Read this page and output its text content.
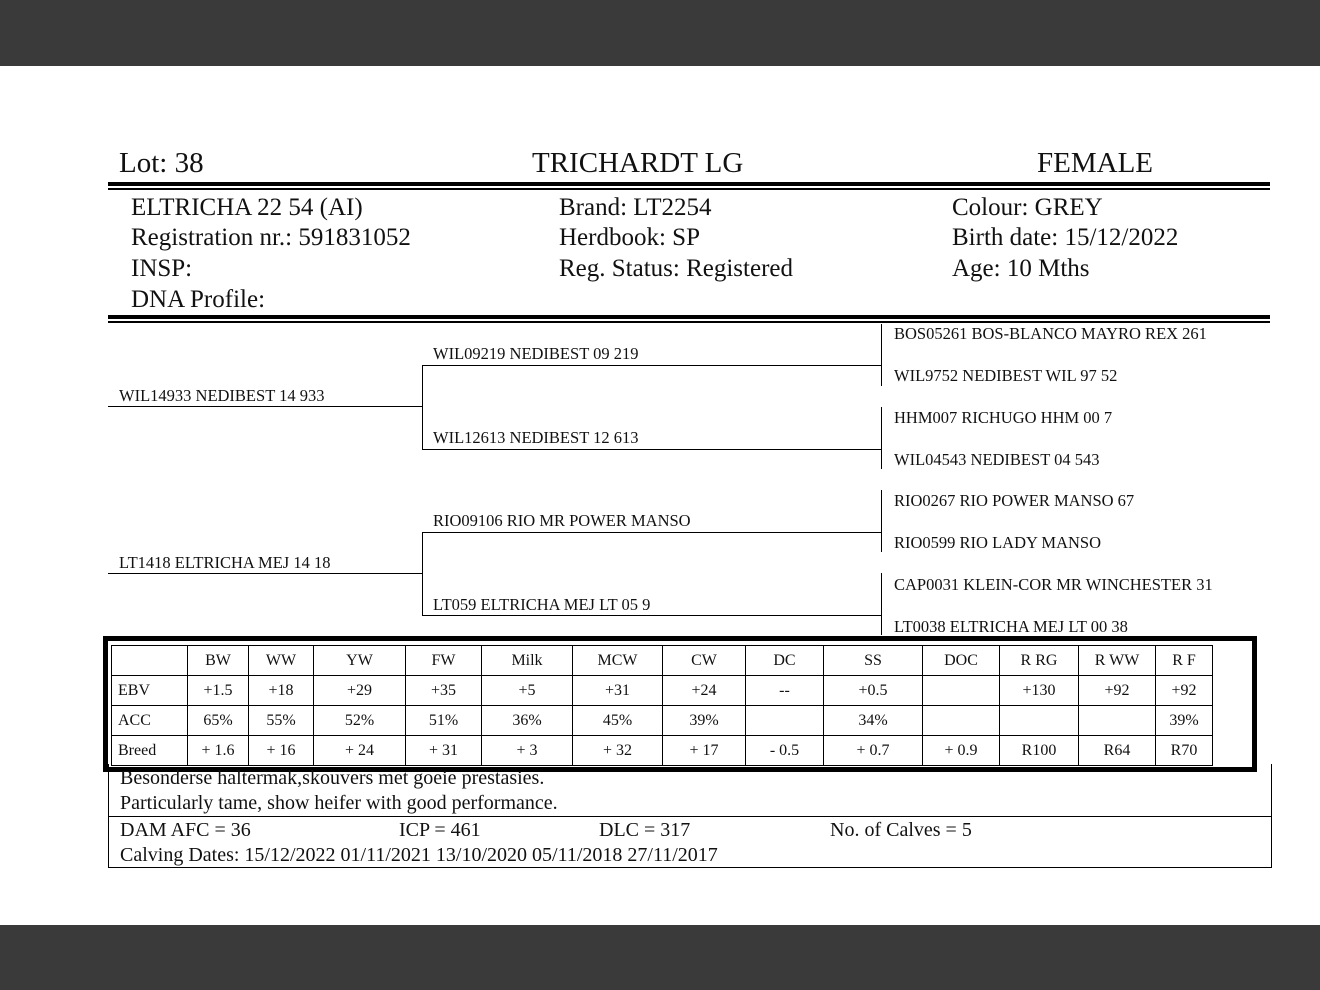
Lot: 38	TRICHARDT LG	FEMALE
ELTRICHA 22 54 (AI)
Registration nr.: 591831052
INSP:
DNA Profile:
Brand: LT2254
Herdbook: SP
Reg. Status: Registered
Colour: GREY
Birth date: 15/12/2022
Age: 10 Mths
WIL14933 NEDIBEST 14 933
LT1418 ELTRICHA MEJ 14 18
WIL09219 NEDIBEST 09 219
WIL12613 NEDIBEST 12 613
RIO09106 RIO MR POWER MANSO
LT059 ELTRICHA MEJ LT 05 9
BOS05261 BOS-BLANCO MAYRO REX 261
WIL9752 NEDIBEST WIL 97 52
HHM007 RICHUGO HHM 00 7
WIL04543 NEDIBEST 04 543
RIO0267 RIO POWER MANSO 67
RIO0599 RIO LADY MANSO
CAP0031 KLEIN-COR MR WINCHESTER 31
LT0038 ELTRICHA MEJ LT 00 38
	BW	WW	YW	FW	Milk	MCW	CW	DC	SS	DOC	R RG	R WW	R F
EBV	+1.5	+18	+29	+35	+5	+31	+24	--	+0.5		+130	+92	+92
ACC	65%	55%	52%	51%	36%	45%	39%		34%				39%
Breed	+ 1.6	+ 16	+ 24	+ 31	+ 3	+ 32	+ 17	- 0.5	+ 0.7	+ 0.9	R100	R64	R70
Besonderse haltermak,skouvers met goeie prestasies.
Particularly tame, show heifer with good performance.
DAM AFC = 36	ICP = 461	DLC = 317	No. of Calves = 5
Calving Dates: 15/12/2022 01/11/2021 13/10/2020 05/11/2018 27/11/2017
